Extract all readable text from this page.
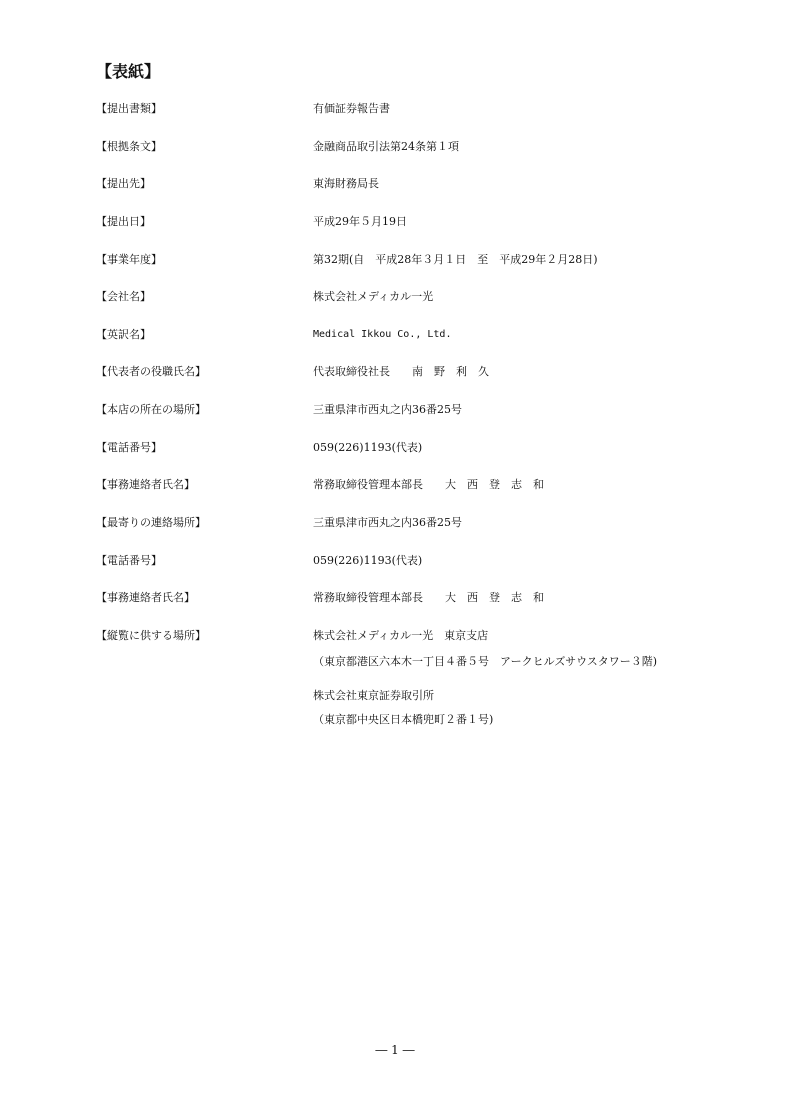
【表紙】
【提出書類】	有価証券報告書
【根拠条文】	金融商品取引法第24条第１項
【提出先】	東海財務局長
【提出日】	平成29年５月19日
【事業年度】	第32期(自　平成28年３月１日　至　平成29年２月28日)
【会社名】	株式会社メディカル一光
【英訳名】	Medical Ikkou Co., Ltd.
【代表者の役職氏名】	代表取締役社長　　南　野　利　久
【本店の所在の場所】	三重県津市西丸之内36番25号
【電話番号】	059(226)1193(代表)
【事務連絡者氏名】	常務取締役管理本部長　　大　西　登　志　和
【最寄りの連絡場所】	三重県津市西丸之内36番25号
【電話番号】	059(226)1193(代表)
【事務連絡者氏名】	常務取締役管理本部長　　大　西　登　志　和
【縦覧に供する場所】	株式会社メディカル一光　東京支店
（東京都港区六本木一丁目４番５号　アークヒルズサウスタワー３階)
株式会社東京証券取引所
（東京都中央区日本橋兜町２番１号)
― 1 ―
